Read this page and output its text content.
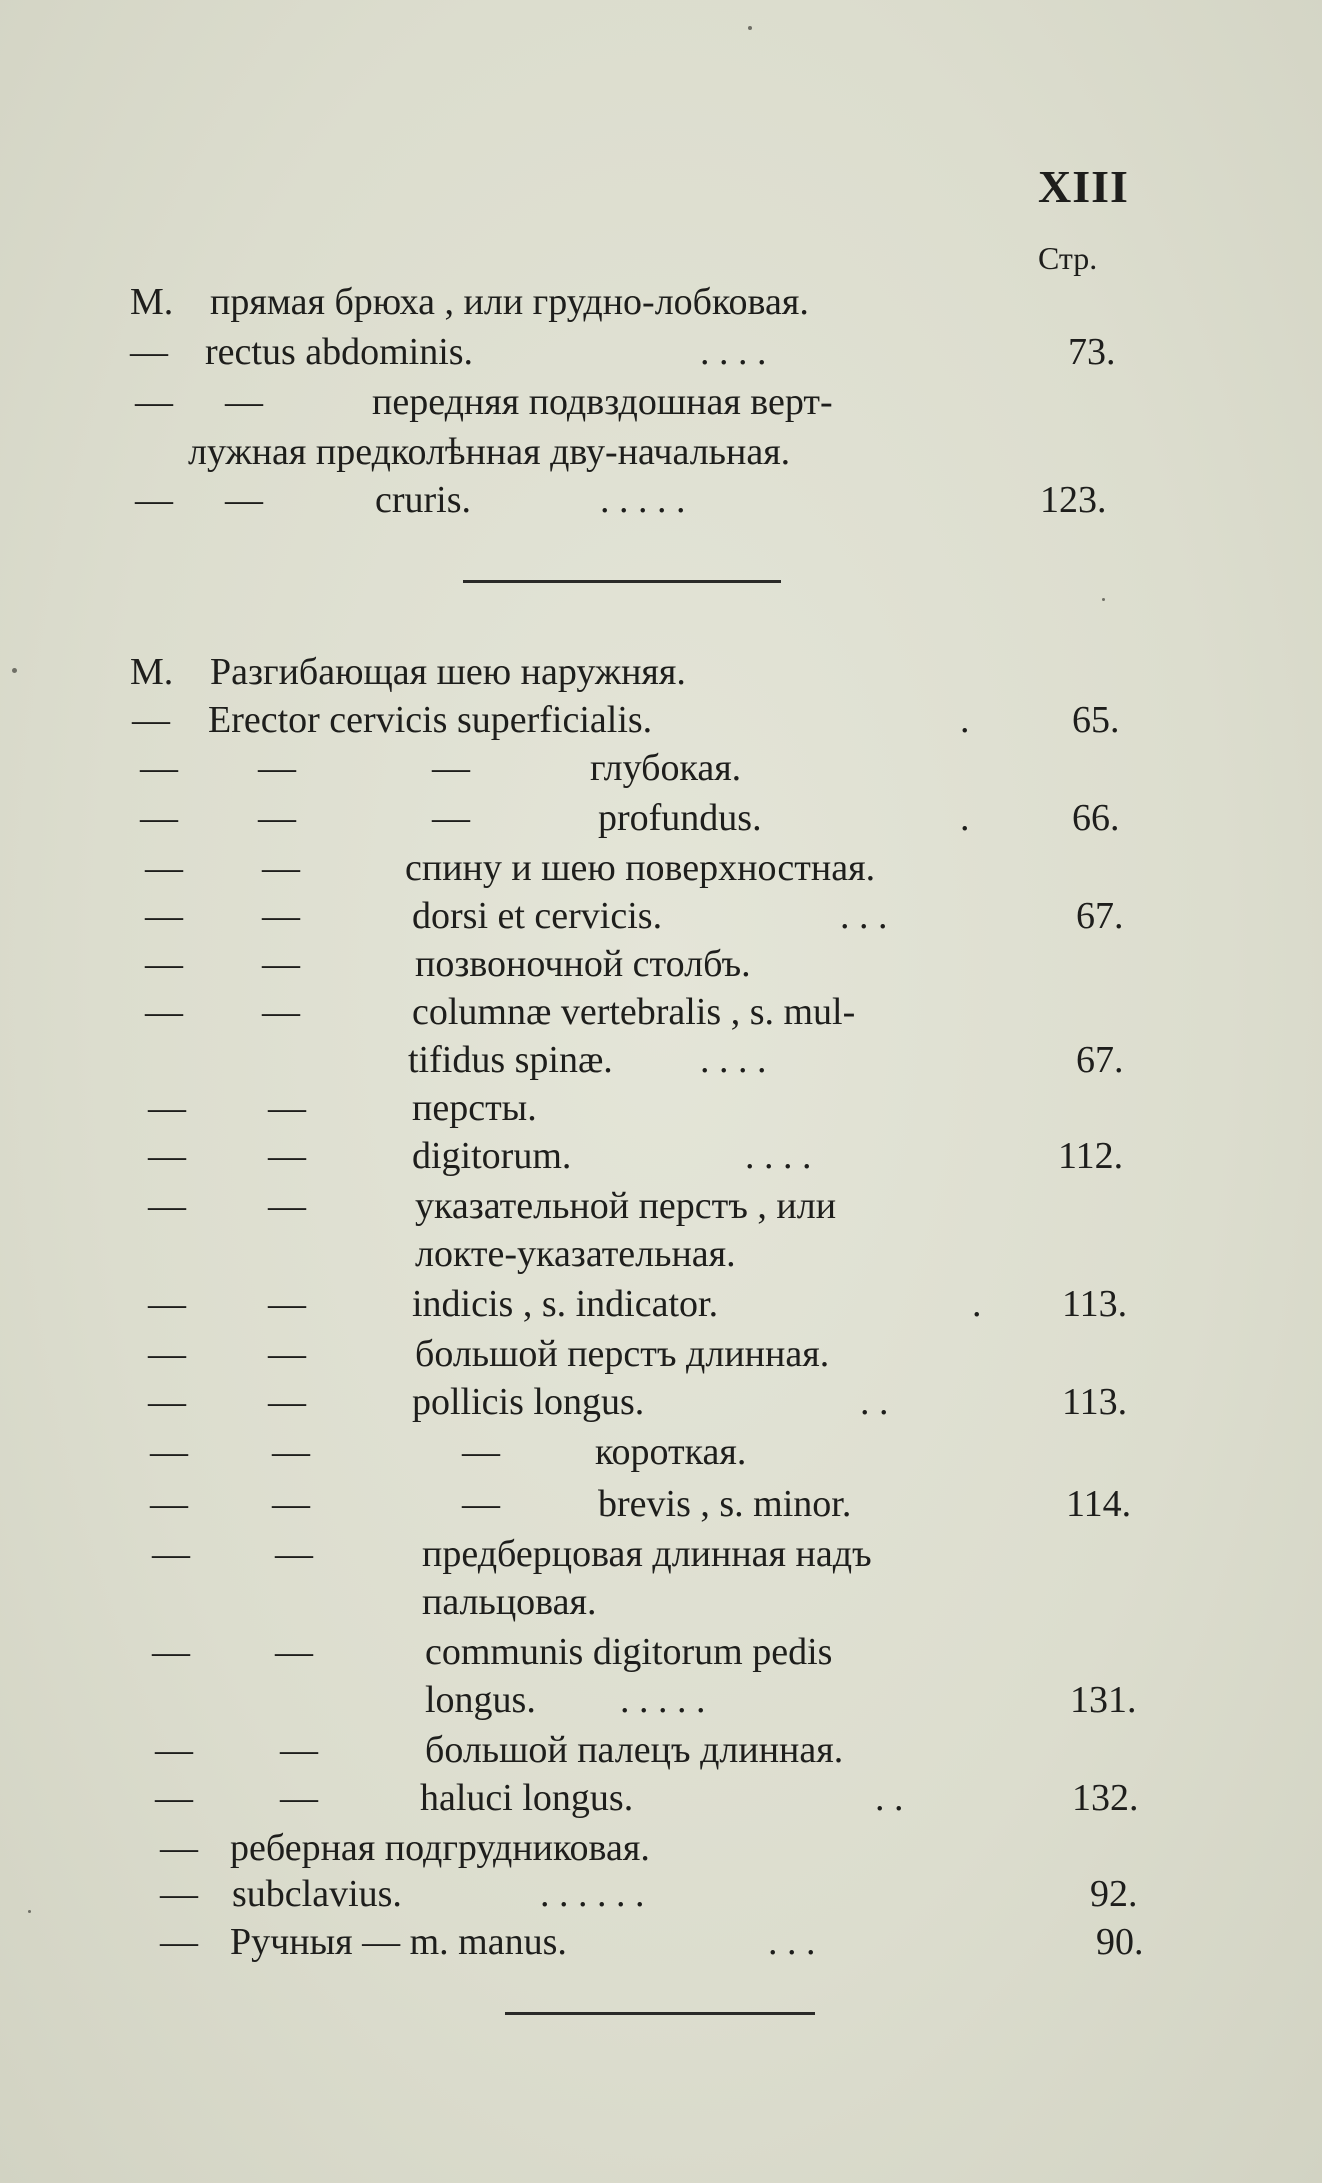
XIII
Стр.
М. прямая брюха , или грудно-лобковая.
— rectus abdominis.	. . . .	73.
— —	передняя подвздошная верт-
лужная предколѣнная дву-начальная.
— —	cruris.	. . . . .	123.
М. Разгибающая шею наружняя.
— Erector cervicis superficialis.	.	65.
— —	—	глубокая.
— —	—	profundus.	.	66.
— —	спину и шею поверхностная.
— —	dorsi et cervicis.	. . .	67.
— —	позвоночной столбъ.
— —	columnæ vertebralis , s. mul-
tifidus spinæ. . . . .	67.
— —	персты.
— —	digitorum.	. . . .	112.
— —	указательной перстъ , или
локте-указательная.
— —	indicis , s. indicator.	. 113.
— —	большой перстъ длинная.
— —	pollicis longus.	. .	113.
— —	—	короткая.
— —	—	brevis , s. minor.	114.
— —	предберцовая длинная надъ
пальцовая.
— —	communis digitorum pedis
longus. . . . . .	131.
— —	большой палецъ длинная.
— —	haluci longus.	. .	132.
— реберная подгрудниковая.
— subclavius.	. . . . . .	92.
— Ручныя — m. manus.	. . .	90.
